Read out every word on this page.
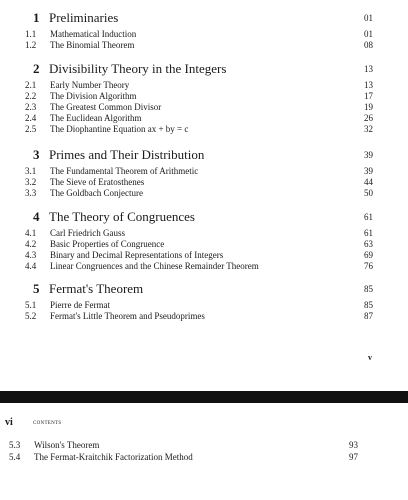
1 Preliminaries	01
1.1 Mathematical Induction	01
1.2 The Binomial Theorem	08
2 Divisibility Theory in the Integers	13
2.1 Early Number Theory	13
2.2 The Division Algorithm	17
2.3 The Greatest Common Divisor	19
2.4 The Euclidean Algorithm	26
2.5 The Diophantine Equation ax + by = c	32
3 Primes and Their Distribution	39
3.1 The Fundamental Theorem of Arithmetic	39
3.2 The Sieve of Eratosthenes	44
3.3 The Goldbach Conjecture	50
4 The Theory of Congruences	61
4.1 Carl Friedrich Gauss	61
4.2 Basic Properties of Congruence	63
4.3 Binary and Decimal Representations of Integers	69
4.4 Linear Congruences and the Chinese Remainder Theorem	76
5 Fermat's Theorem	85
5.1 Pierre de Fermat	85
5.2 Fermat's Little Theorem and Pseudoprimes	87
v
vi	CONTENTS
5.3 Wilson's Theorem	93
5.4 The Fermat-Kraitchik Factorization Method	97
